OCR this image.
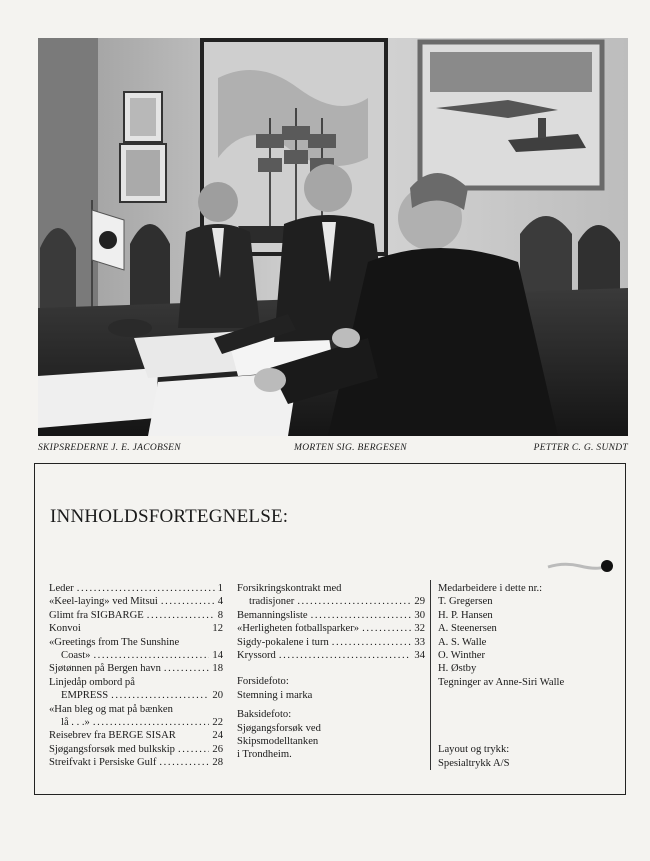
SKIPSREDERNE J. E. JACOBSEN	MORTEN SIG. BERGESEN	PETTER C. G. SUNDT
INNHOLDSFORTEGNELSE:
Leder .....	1
«Keel-laying» ved Mitsui .....	4
Glimt fra SIGBARGE .....	8
Konvoi	12
«Greetings from The Sunshine
Coast» .....	14
Sjøtønnen på Bergen havn .....	18
Linjedåp ombord på
EMPRESS .....	20
«Han bleg og mat på bænken
lå . . .» .....	22
Reisebrev fra BERGE SISAR	24
Sjøgangsforsøk med bulkskip .....	26
Streifvakt i Persiske Gulf .....	28
Forsikringskontrakt med
tradisjoner .....	29
Bemanningsliste .....	30
«Herligheten fotballsparker» .....	32
Sigdy-pokalene i turn .....	33
Kryssord .....	34
Forsidefoto:
Stemning i marka
Baksidefoto:
Sjøgangsforsøk ved
Skipsmodelltanken
i Trondheim.
Medarbeidere i dette nr.:
T. Gregersen
H. P. Hansen
A. Steenersen
A. S. Walle
O. Winther
H. Østby
Tegninger av Anne-Siri Walle
Layout og trykk:
Spesialtrykk A/S
